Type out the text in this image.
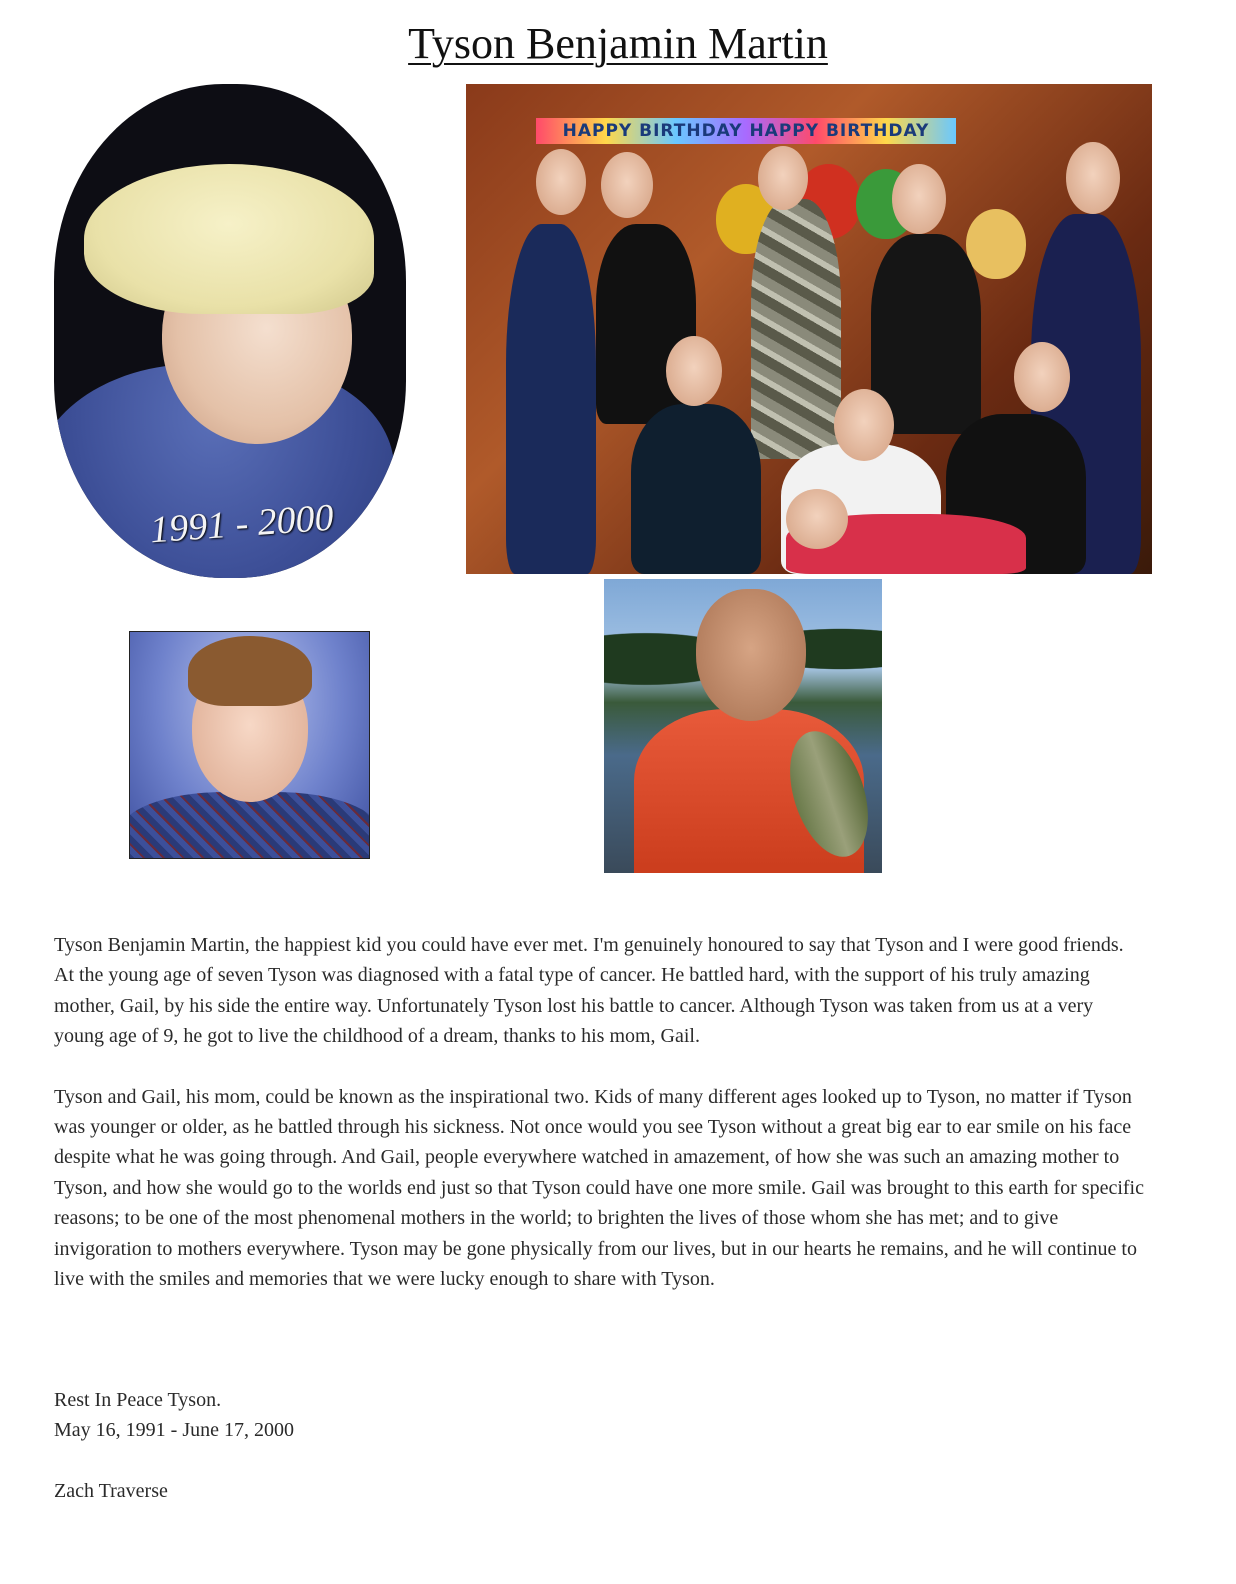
Tyson Benjamin Martin
1991 - 2000
HAPPY BIRTHDAY HAPPY BIRTHDAY

Tyson Benjamin Martin, the happiest kid you could have ever met. I'm genuinely honoured to say that Tyson and I were good friends. At the young age of seven Tyson was diagnosed with a fatal type of cancer. He battled hard, with the support of his truly amazing mother, Gail, by his side the entire way. Unfortunately Tyson lost his battle to cancer. Although Tyson was taken from us at a very young age of 9, he got to live the childhood of a dream, thanks to his mom, Gail.

Tyson and Gail, his mom, could be known as the inspirational two. Kids of many different ages looked up to Tyson, no matter if Tyson was younger or older, as he battled through his sickness. Not once would you see Tyson without a great big ear to ear smile on his face despite what he was going through. And Gail, people everywhere watched in amazement, of how she was such an amazing mother to Tyson, and how she would go to the worlds end just so that Tyson could have one more smile. Gail was brought to this earth for specific reasons; to be one of the most phenomenal mothers in the world; to brighten the lives of those whom she has met; and to give invigoration to mothers everywhere. Tyson may be gone physically from our lives, but in our hearts he remains, and he will continue to live with the smiles and memories that we were lucky enough to share with Tyson.

Rest In Peace Tyson.
May 16, 1991 - June 17, 2000
Zach Traverse
